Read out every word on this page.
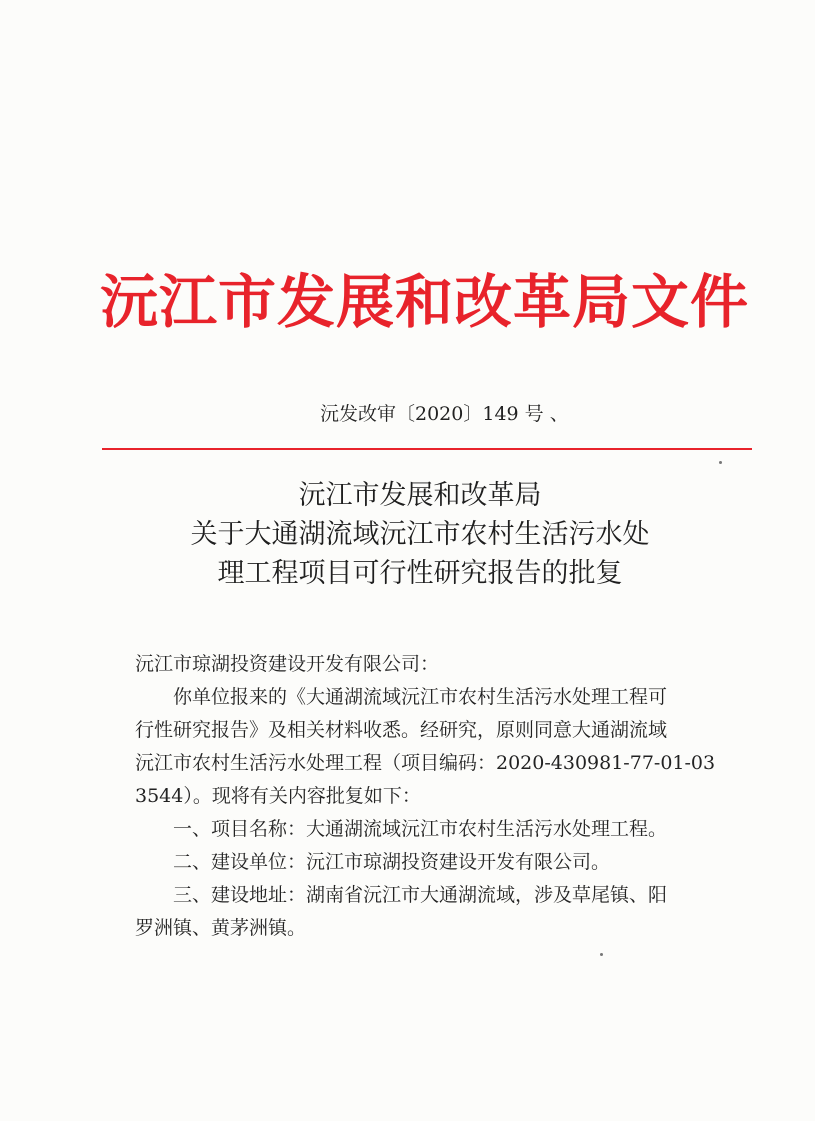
沅江市发展和改革局文件
沅发改审〔2020〕149 号 、
沅江市发展和改革局
关于大通湖流域沅江市农村生活污水处
理工程项目可行性研究报告的批复
沅江市琼湖投资建设开发有限公司：
你单位报来的《大通湖流域沅江市农村生活污水处理工程可
行性研究报告》及相关材料收悉。经研究，原则同意大通湖流域
沅江市农村生活污水处理工程（项目编码：2020-430981-77-01-03
3544）。现将有关内容批复如下：
一、项目名称：大通湖流域沅江市农村生活污水处理工程。
二、建设单位：沅江市琼湖投资建设开发有限公司。
三、建设地址：湖南省沅江市大通湖流域，涉及草尾镇、阳
罗洲镇、黄茅洲镇。
